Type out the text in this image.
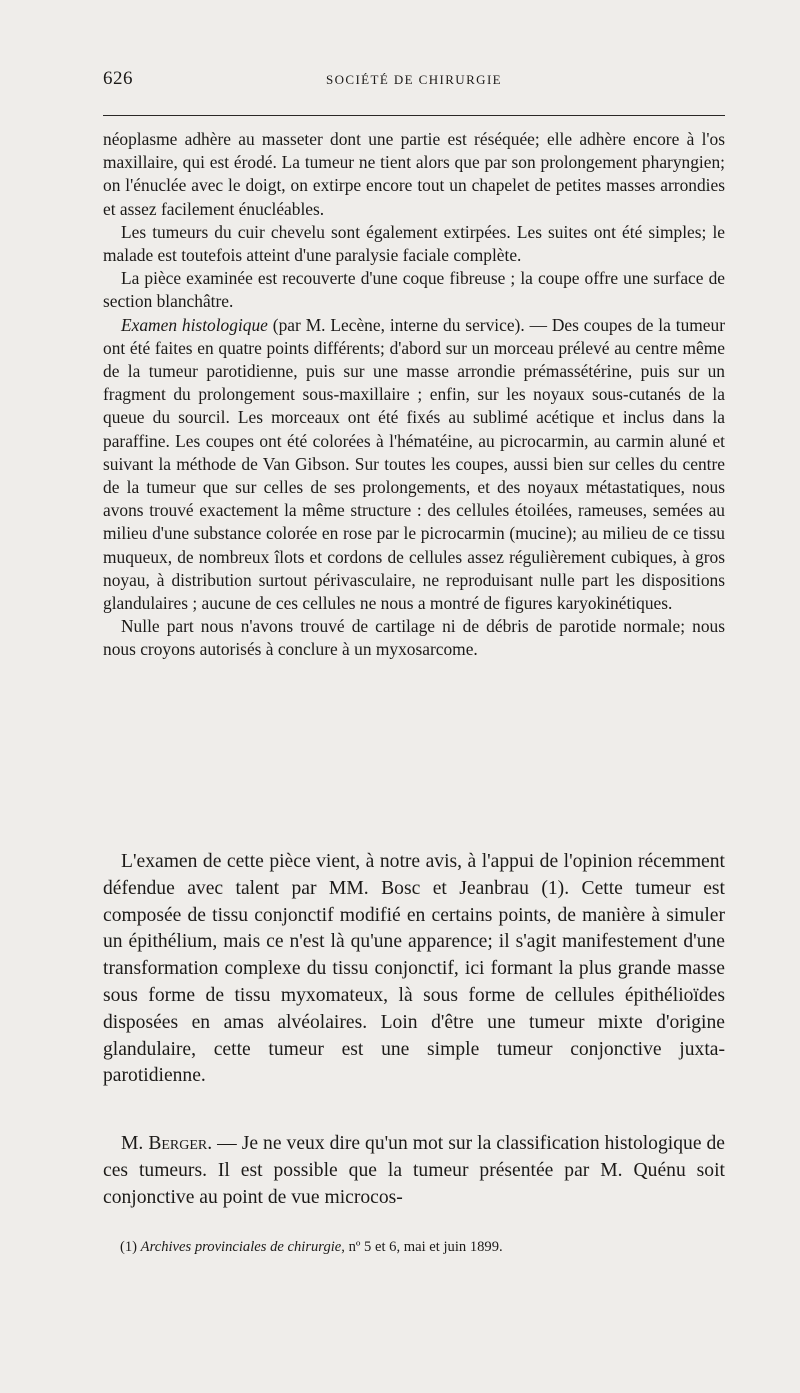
626	SOCIÉTÉ DE CHIRURGIE

néoplasme adhère au masseter dont une partie est réséquée; elle adhère encore à l'os maxillaire, qui est érodé. La tumeur ne tient alors que par son prolongement pharyngien; on l'énuclée avec le doigt, on extirpe encore tout un chapelet de petites masses arrondies et assez facilement énucléables.

Les tumeurs du cuir chevelu sont également extirpées. Les suites ont été simples; le malade est toutefois atteint d'une paralysie faciale complète.

La pièce examinée est recouverte d'une coque fibreuse ; la coupe offre une surface de section blanchâtre.

Examen histologique (par M. Lecène, interne du service). — Des coupes de la tumeur ont été faites en quatre points différents; d'abord sur un morceau prélevé au centre même de la tumeur parotidienne, puis sur une masse arrondie prémassétérine, puis sur un fragment du prolongement sous-maxillaire ; enfin, sur les noyaux sous-cutanés de la queue du sourcil. Les morceaux ont été fixés au sublimé acétique et inclus dans la paraffine. Les coupes ont été colorées à l'hématéine, au picrocarmin, au carmin aluné et suivant la méthode de Van Gibson. Sur toutes les coupes, aussi bien sur celles du centre de la tumeur que sur celles de ses prolongements, et des noyaux métastatiques, nous avons trouvé exactement la même structure : des cellules étoilées, rameuses, semées au milieu d'une substance colorée en rose par le picrocarmin (mucine); au milieu de ce tissu muqueux, de nombreux îlots et cordons de cellules assez régulièrement cubiques, à gros noyau, à distribution surtout périvasculaire, ne reproduisant nulle part les dispositions glandulaires ; aucune de ces cellules ne nous a montré de figures karyokinétiques.

Nulle part nous n'avons trouvé de cartilage ni de débris de parotide normale; nous nous croyons autorisés à conclure à un myxosarcome.

L'examen de cette pièce vient, à notre avis, à l'appui de l'opinion récemment défendue avec talent par MM. Bosc et Jeanbrau (1). Cette tumeur est composée de tissu conjonctif modifié en certains points, de manière à simuler un épithélium, mais ce n'est là qu'une apparence; il s'agit manifestement d'une transformation complexe du tissu conjonctif, ici formant la plus grande masse sous forme de tissu myxomateux, là sous forme de cellules épithélioïdes disposées en amas alvéolaires. Loin d'être une tumeur mixte d'origine glandulaire, cette tumeur est une simple tumeur conjonctive juxta-parotidienne.

M. Berger. — Je ne veux dire qu'un mot sur la classification histologique de ces tumeurs. Il est possible que la tumeur présentée par M. Quénu soit conjonctive au point de vue microcos-

(1) Archives provinciales de chirurgie, nº 5 et 6, mai et juin 1899.
